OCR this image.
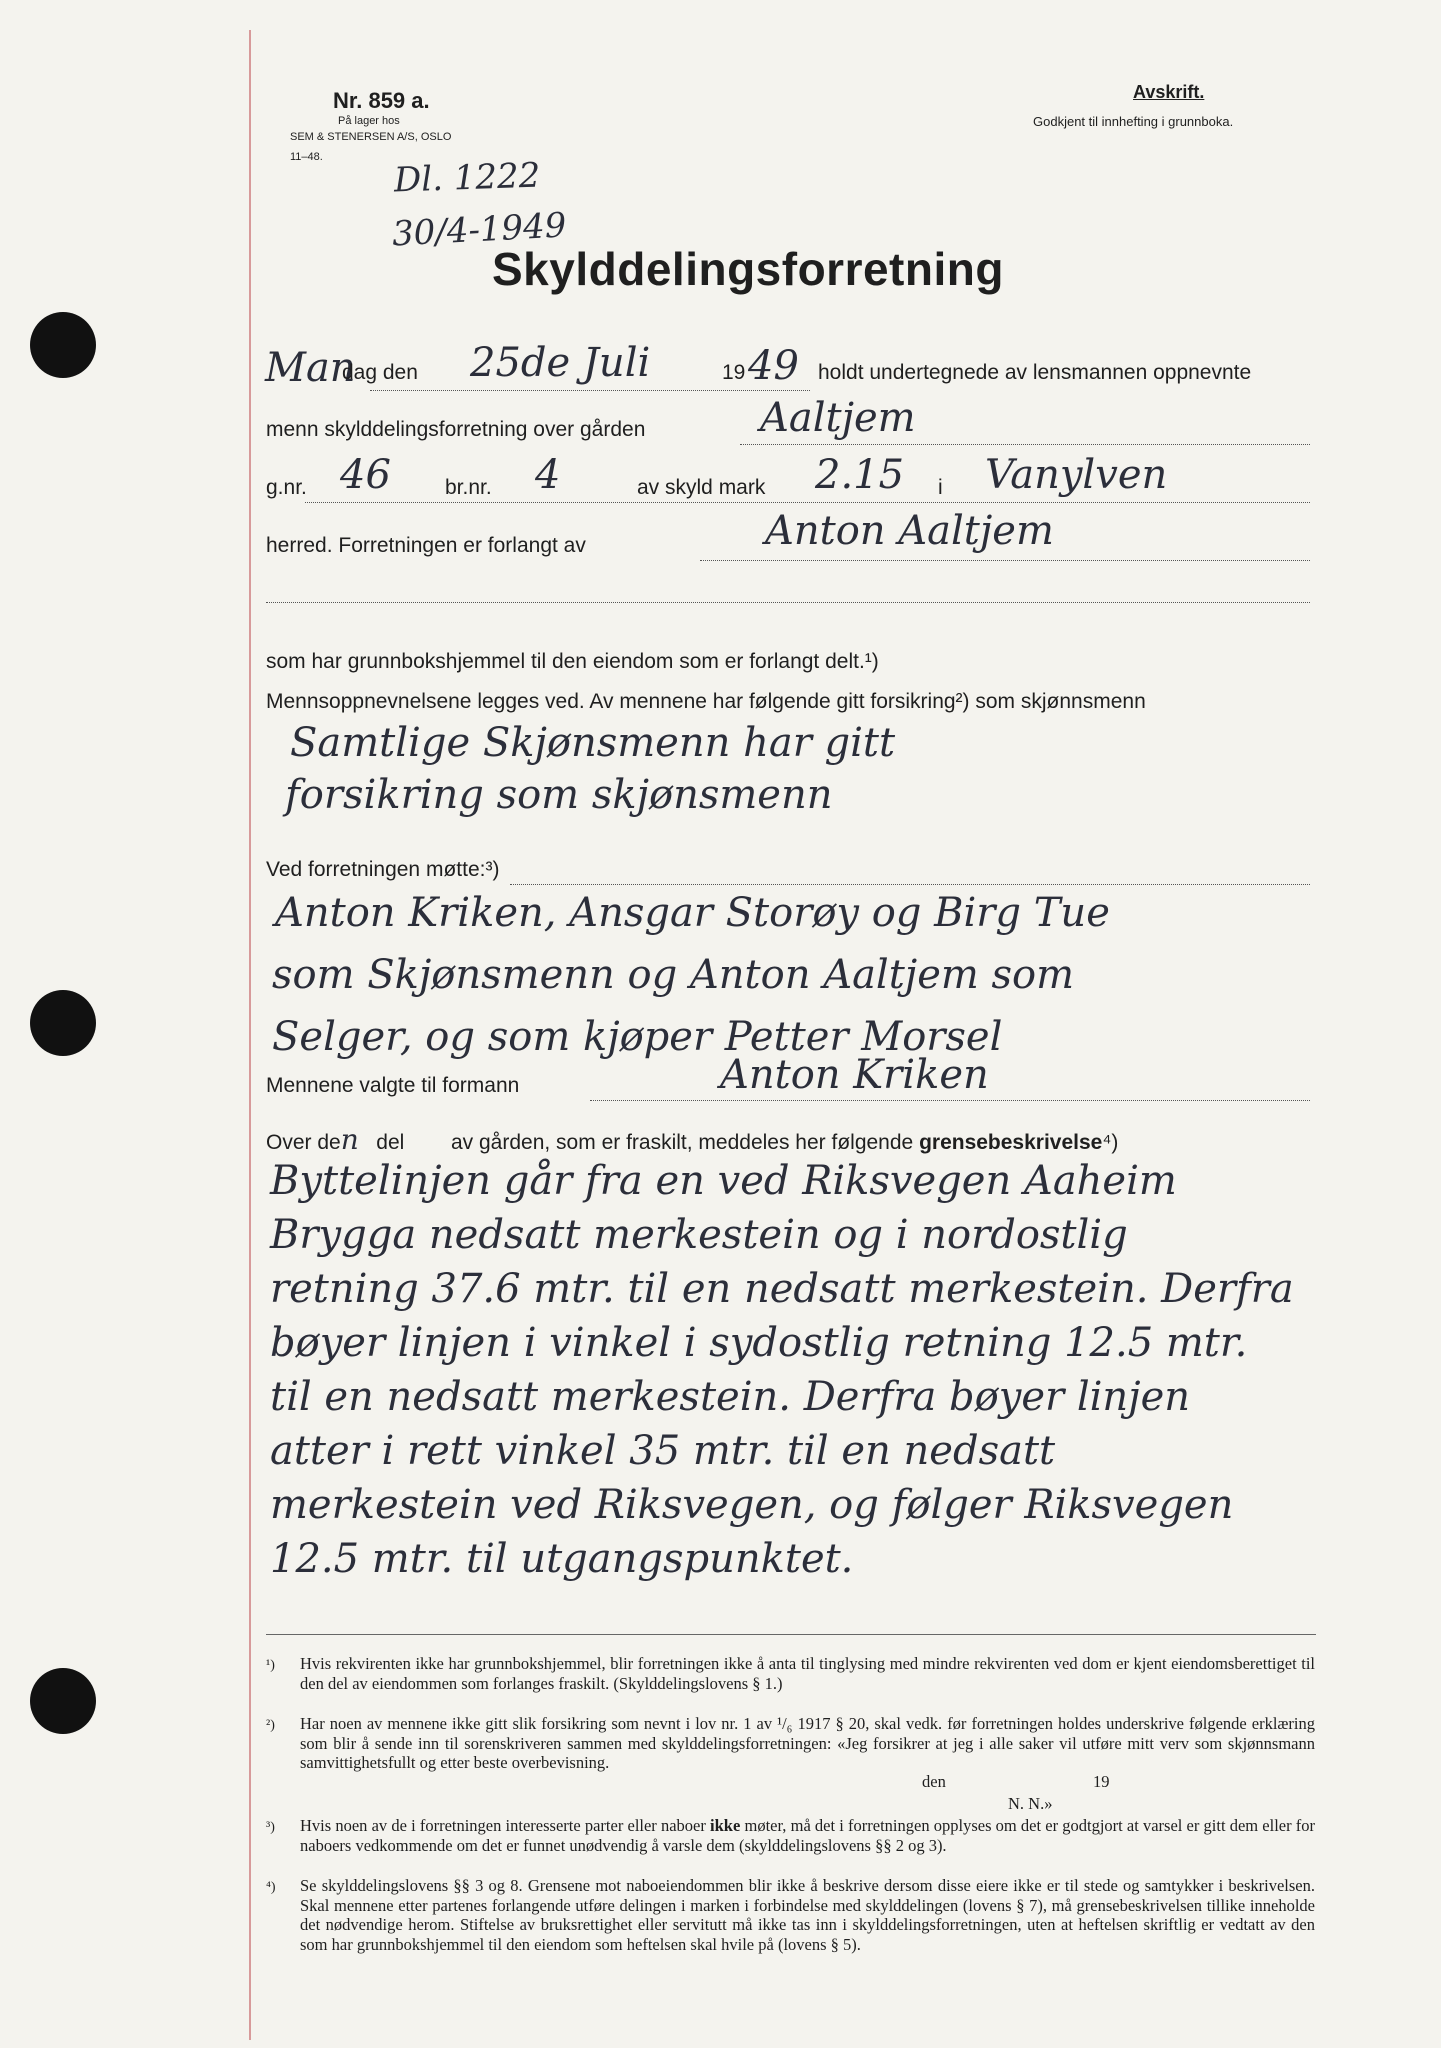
Nr. 859 a.
På lager hos
SEM & STENERSEN A/S, OSLO
11–48. Dl. 1222
30/4-1949
Avskrift.
Godkjent til innhefting i grunnboka.
Skylddelingsforretning
Man
dag den 25de Juli	19 49 holdt undertegnede av lensmannen oppnevnte
menn skylddelingsforretning over gården	Aaltjem
g.nr. 46	br.nr. 4	av skyld mark 2.15 i Vanylven
herred. Forretningen er forlangt av	Anton Aaltjem
som har grunnbokshjemmel til den eiendom som er forlangt delt.¹)
Mennsoppnevnelsene legges ved. Av mennene har følgende gitt forsikring²) som skjønnsmenn
Samtlige Skjønsmenn har gitt
forsikring som skjønsmenn
Ved forretningen møtte:³)
Anton Kriken, Ansgar Storøy og Birg Tue
som Skjønsmenn og Anton Aaltjem som
Selger, og som kjøper Petter Morsel
Mennene valgte til formann	Anton Kriken
Over den del av gården, som er fraskilt, meddeles her følgende grensebeskrivelse⁴)
Byttelinjen går fra en ved Riksvegen Aaheim
Brygga nedsatt merkestein og i nordostlig
retning 37.6 mtr. til en nedsatt merkestein. Derfra
bøyer linjen i vinkel i sydostlig retning 12.5 mtr.
til en nedsatt merkestein. Derfra bøyer linjen
atter i rett vinkel 35 mtr. til en nedsatt
merkestein ved Riksvegen, og følger Riksvegen
12.5 mtr. til utgangspunktet.
¹) Hvis rekvirenten ikke har grunnbokshjemmel, blir forretningen ikke å anta til tinglysing med mindre rekvirenten ved dom er kjent eiendomsberettiget til den del av eiendommen som forlanges fraskilt. (Skylddelingslovens § 1.)
²) Har noen av mennene ikke gitt slik forsikring som nevnt i lov nr. 1 av ¹/₆ 1917 § 20, skal vedk. før forretningen holdes underskrive følgende erklæring som blir å sende inn til sorenskriveren sammen med skylddelingsforretningen: «Jeg forsikrer at jeg i alle saker vil utføre mitt verv som skjønnsmann samvittighetsfullt og etter beste overbevisning.
den	19
N. N.»
³) Hvis noen av de i forretningen interesserte parter eller naboer ikke møter, må det i forretningen opplyses om det er godtgjort at varsel er gitt dem eller for naboers vedkommende om det er funnet unødvendig å varsle dem (skylddelingslovens §§ 2 og 3).
⁴) Se skylddelingslovens §§ 3 og 8. Grensene mot naboeiendommen blir ikke å beskrive dersom disse eiere ikke er til stede og samtykker i beskrivelsen. Skal mennene etter partenes forlangende utføre delingen i marken i forbindelse med skylddelingen (lovens § 7), må grensebeskrivelsen tillike inneholde det nødvendige herom. Stiftelse av bruksrettighet eller servitutt må ikke tas inn i skylddelingsforretningen, uten at heftelsen skriftlig er vedtatt av den som har grunnbokshjemmel til den eiendom som heftelsen skal hvile på (lovens § 5).
